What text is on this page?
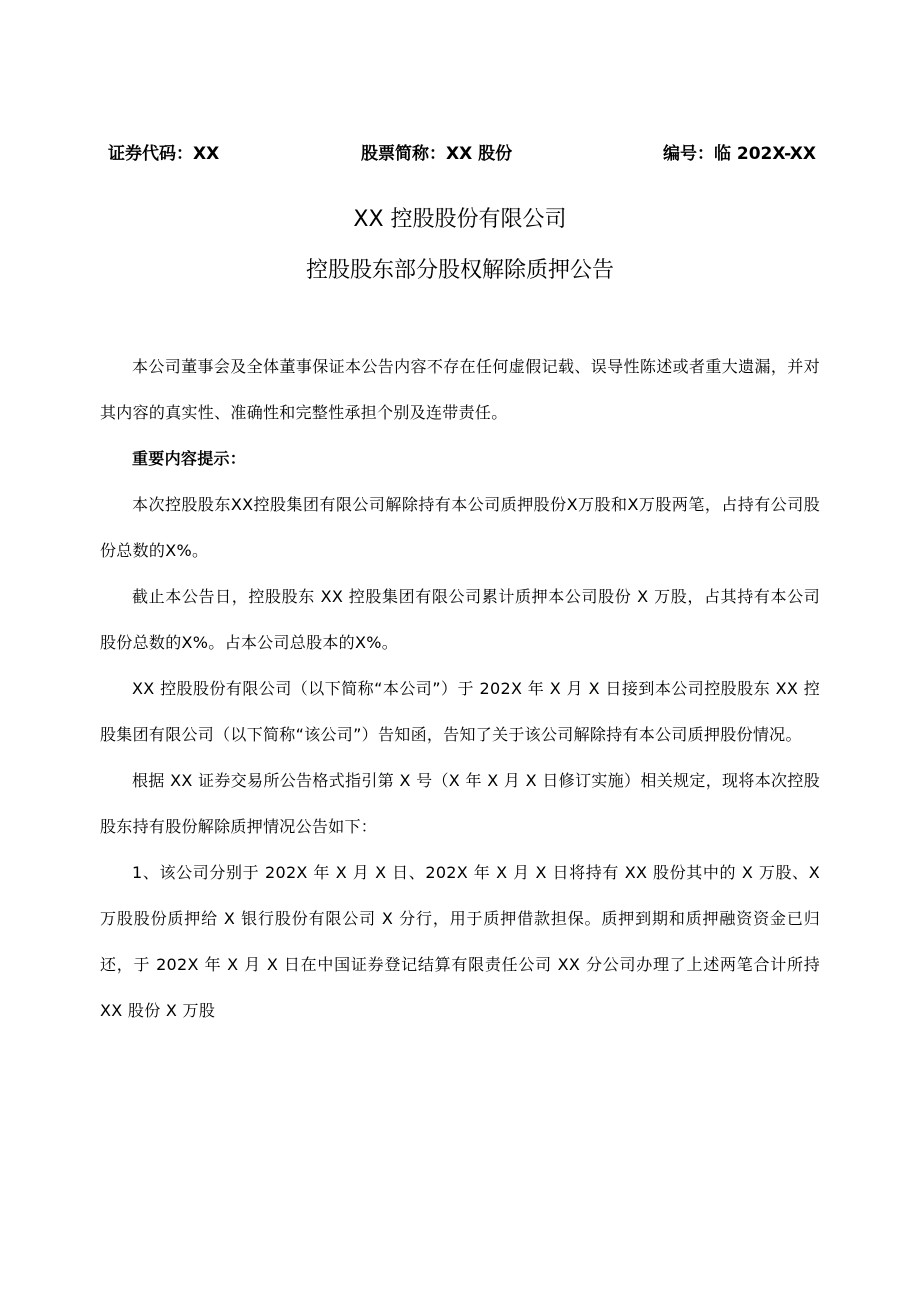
证券代码：XX	股票简称：XX 股份	编号：临 202X-XX
XX 控股股份有限公司
控股股东部分股权解除质押公告

本公司董事会及全体董事保证本公告内容不存在任何虚假记载、误导性陈述或者重大遗漏，并对其内容的真实性、准确性和完整性承担个别及连带责任。

重要内容提示：

本次控股股东XX控股集团有限公司解除持有本公司质押股份X万股和X万股两笔，占持有公司股份总数的X%。

截止本公告日，控股股东 XX 控股集团有限公司累计质押本公司股份 X 万股，占其持有本公司股份总数的X%。占本公司总股本的X%。

XX 控股股份有限公司（以下简称“本公司”）于 202X 年 X 月 X 日接到本公司控股股东 XX 控股集团有限公司（以下简称“该公司”）告知函，告知了关于该公司解除持有本公司质押股份情况。

根据 XX 证券交易所公告格式指引第 X 号（X 年 X 月 X 日修订实施）相关规定，现将本次控股股东持有股份解除质押情况公告如下：

1、该公司分别于 202X 年 X 月 X 日、202X 年 X 月 X 日将持有 XX 股份其中的 X 万股、X 万股股份质押给 X 银行股份有限公司 X 分行，用于质押借款担保。质押到期和质押融资资金已归还，于 202X 年 X 月 X 日在中国证券登记结算有限责任公司 XX 分公司办理了上述两笔合计所持 XX 股份 X 万股
